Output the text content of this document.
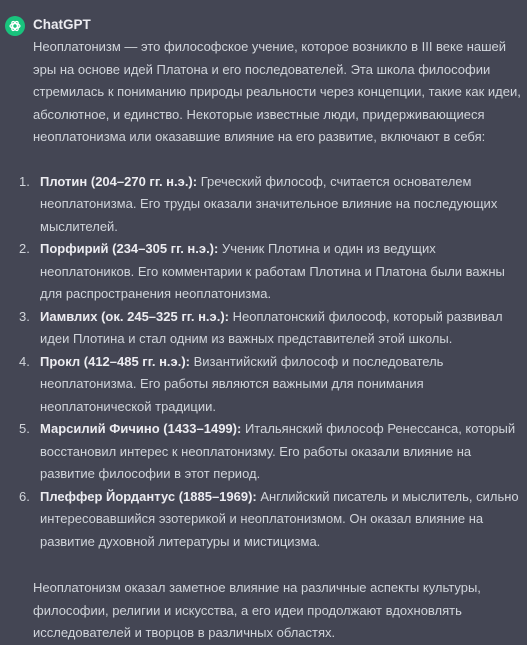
ChatGPT

Неоплатонизм — это философское учение, которое возникло в III веке нашей эры на основе идей Платона и его последователей. Эта школа философии стремилась к пониманию природы реальности через концепции, такие как идеи, абсолютное, и единство. Некоторые известные люди, придерживающиеся неоплатонизма или оказавшие влияние на его развитие, включают в себя:

1. Плотин (204–270 гг. н.э.): Греческий философ, считается основателем неоплатонизма. Его труды оказали значительное влияние на последующих мыслителей.
2. Порфирий (234–305 гг. н.э.): Ученик Плотина и один из ведущих неоплатоников. Его комментарии к работам Плотина и Платона были важны для распространения неоплатонизма.
3. Иамвлих (ок. 245–325 гг. н.э.): Неоплатонский философ, который развивал идеи Плотина и стал одним из важных представителей этой школы.
4. Прокл (412–485 гг. н.э.): Византийский философ и последователь неоплатонизма. Его работы являются важными для понимания неоплатонической традиции.
5. Марсилий Фичино (1433–1499): Итальянский философ Ренессанса, который восстановил интерес к неоплатонизму. Его работы оказали влияние на развитие философии в этот период.
6. Плеффер Йордантус (1885–1969): Английский писатель и мыслитель, сильно интересовавшийся эзотерикой и неоплатонизмом. Он оказал влияние на развитие духовной литературы и мистицизма.

Неоплатонизм оказал заметное влияние на различные аспекты культуры, философии, религии и искусства, а его идеи продолжают вдохновлять исследователей и творцов в различных областях.
